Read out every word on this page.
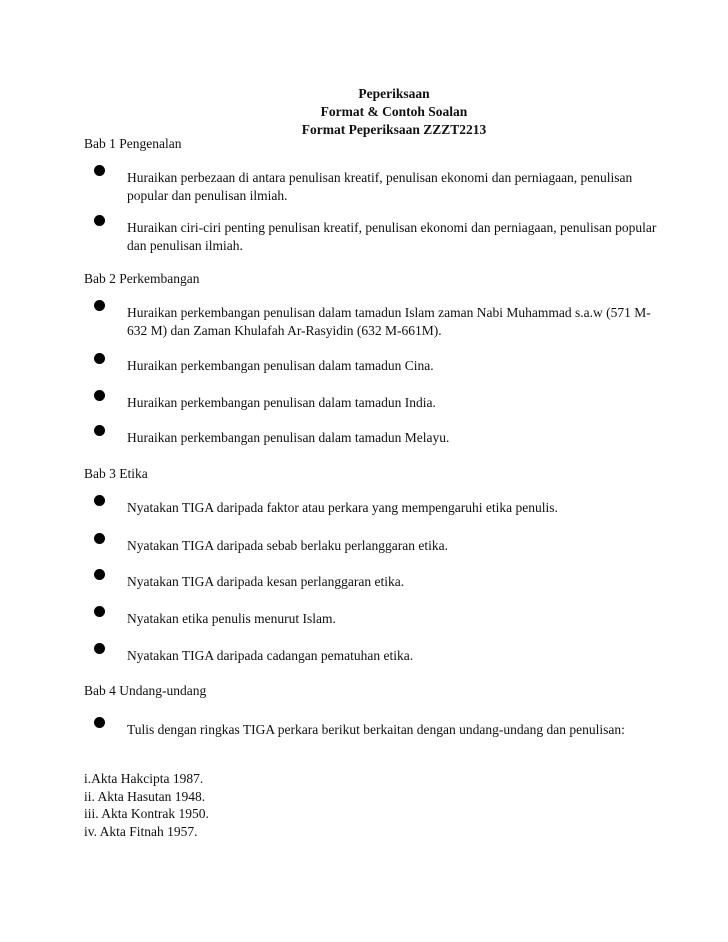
Peperiksaan
Format & Contoh Soalan
Format Peperiksaan ZZZT2213
Bab 1 Pengenalan
Huraikan perbezaan di antara penulisan kreatif, penulisan ekonomi dan perniagaan, penulisan popular dan penulisan ilmiah.
Huraikan ciri-ciri penting penulisan kreatif, penulisan ekonomi dan perniagaan, penulisan popular dan penulisan ilmiah.
Bab 2 Perkembangan
Huraikan perkembangan penulisan dalam tamadun Islam zaman Nabi Muhammad s.a.w (571 M- 632 M) dan Zaman Khulafah Ar-Rasyidin (632 M-661M).
Huraikan perkembangan penulisan dalam tamadun Cina.
Huraikan perkembangan penulisan dalam tamadun India.
Huraikan perkembangan penulisan dalam tamadun Melayu.
Bab 3 Etika
Nyatakan TIGA daripada faktor atau perkara yang mempengaruhi etika penulis.
Nyatakan TIGA daripada sebab berlaku perlanggaran etika.
Nyatakan TIGA daripada kesan perlanggaran etika.
Nyatakan etika penulis menurut Islam.
Nyatakan TIGA daripada cadangan pematuhan etika.
Bab 4 Undang-undang
Tulis dengan ringkas TIGA perkara berikut berkaitan dengan undang-undang dan penulisan:
i.Akta Hakcipta 1987.
ii. Akta Hasutan 1948.
iii. Akta Kontrak 1950.
iv. Akta Fitnah 1957.
